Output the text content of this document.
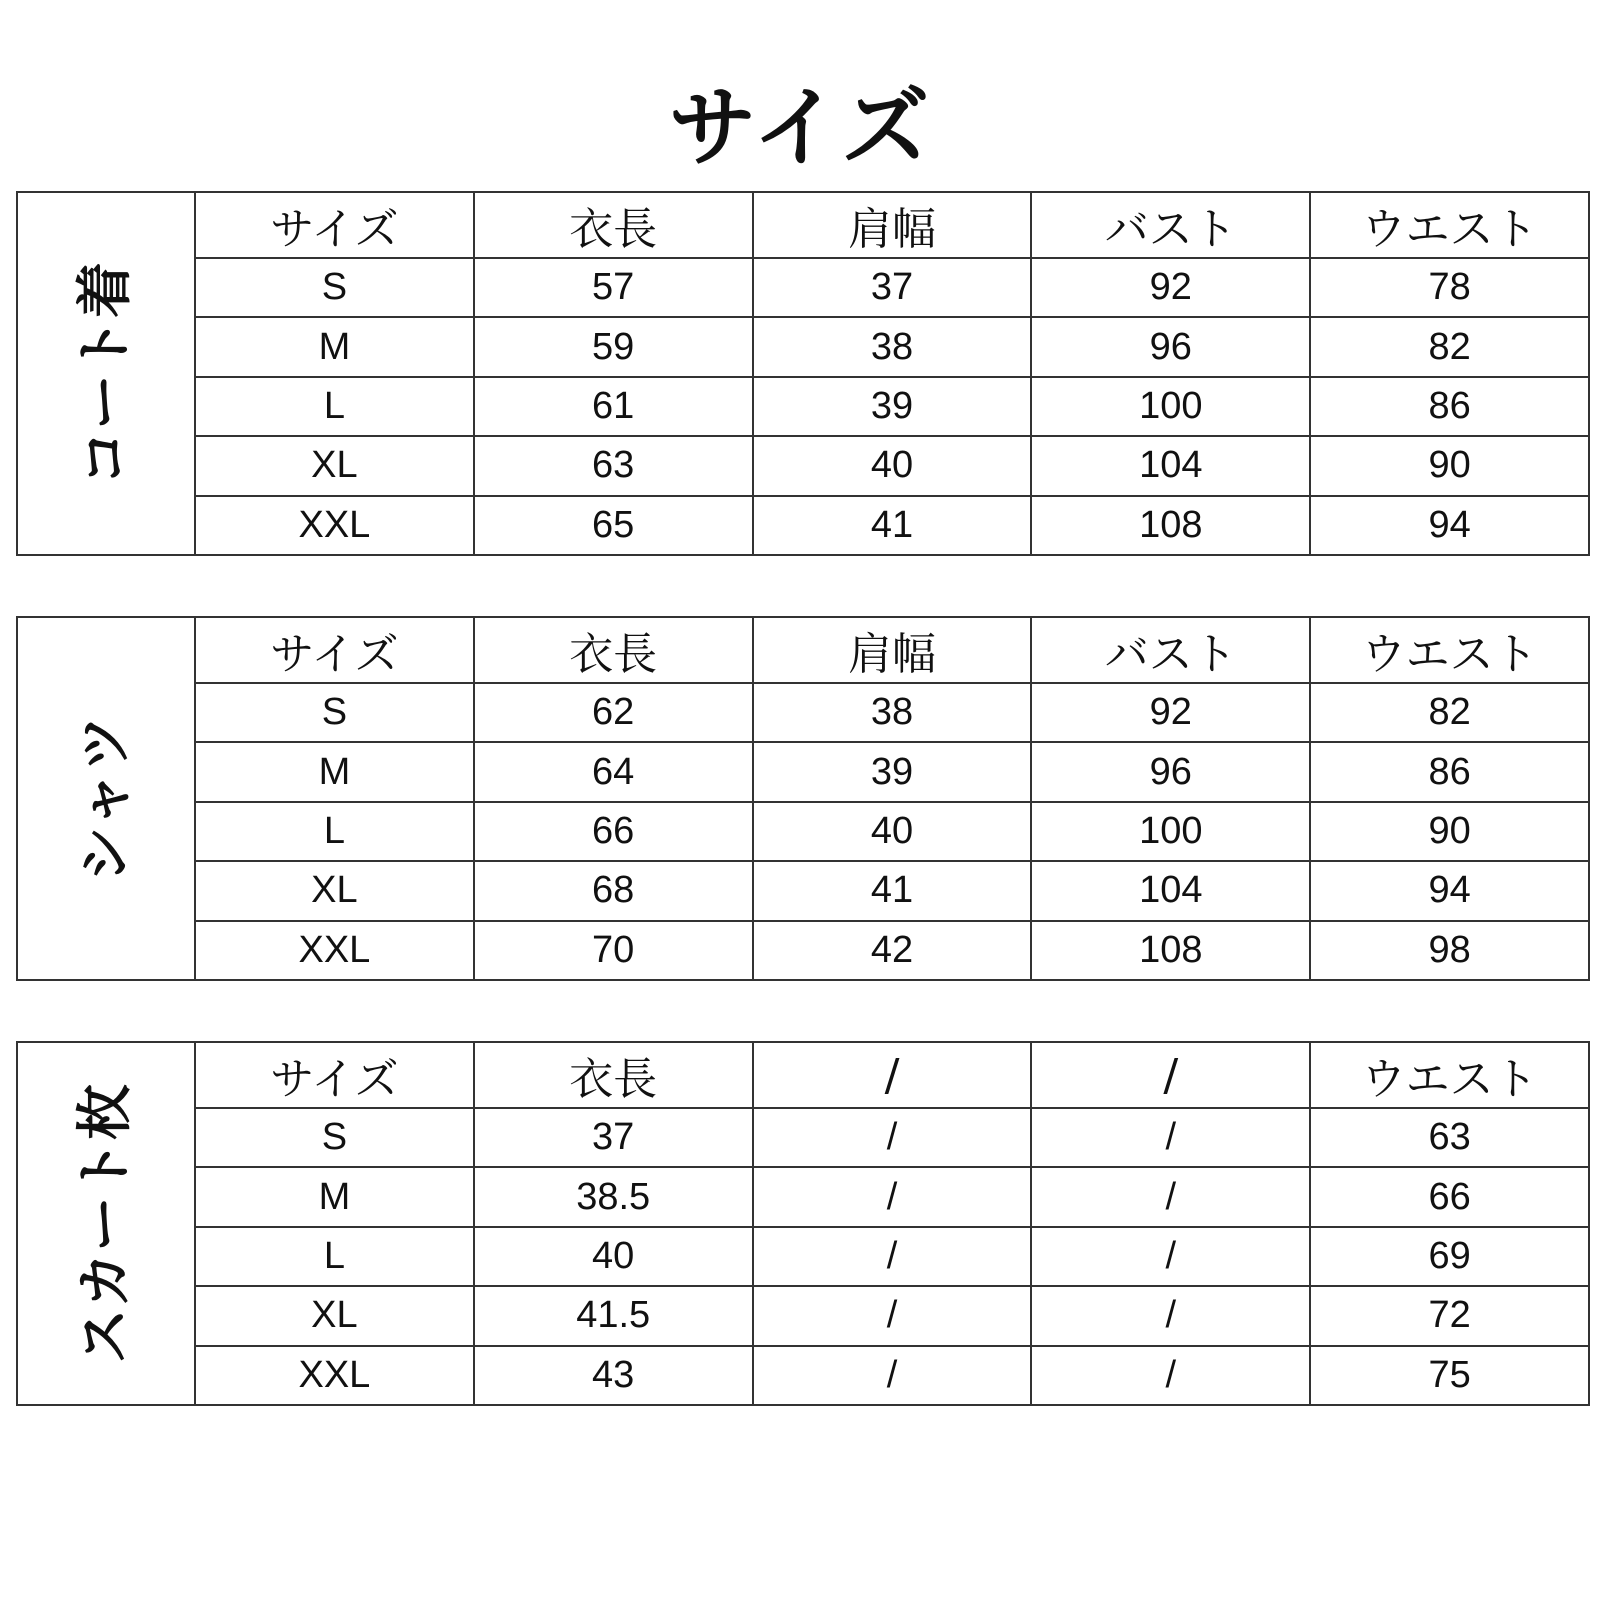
サイズ
コート着
サイズ	衣長	肩幅	バスト	ウエスト
S	57	37	92	78
M	59	38	96	82
L	61	39	100	86
XL	63	40	104	90
XXL	65	41	108	94
シャツ
サイズ	衣長	肩幅	バスト	ウエスト
S	62	38	92	82
M	64	39	96	86
L	66	40	100	90
XL	68	41	104	94
XXL	70	42	108	98
スカート枚
サイズ	衣長	/	/	ウエスト
S	37	/	/	63
M	38.5	/	/	66
L	40	/	/	69
XL	41.5	/	/	72
XXL	43	/	/	75
